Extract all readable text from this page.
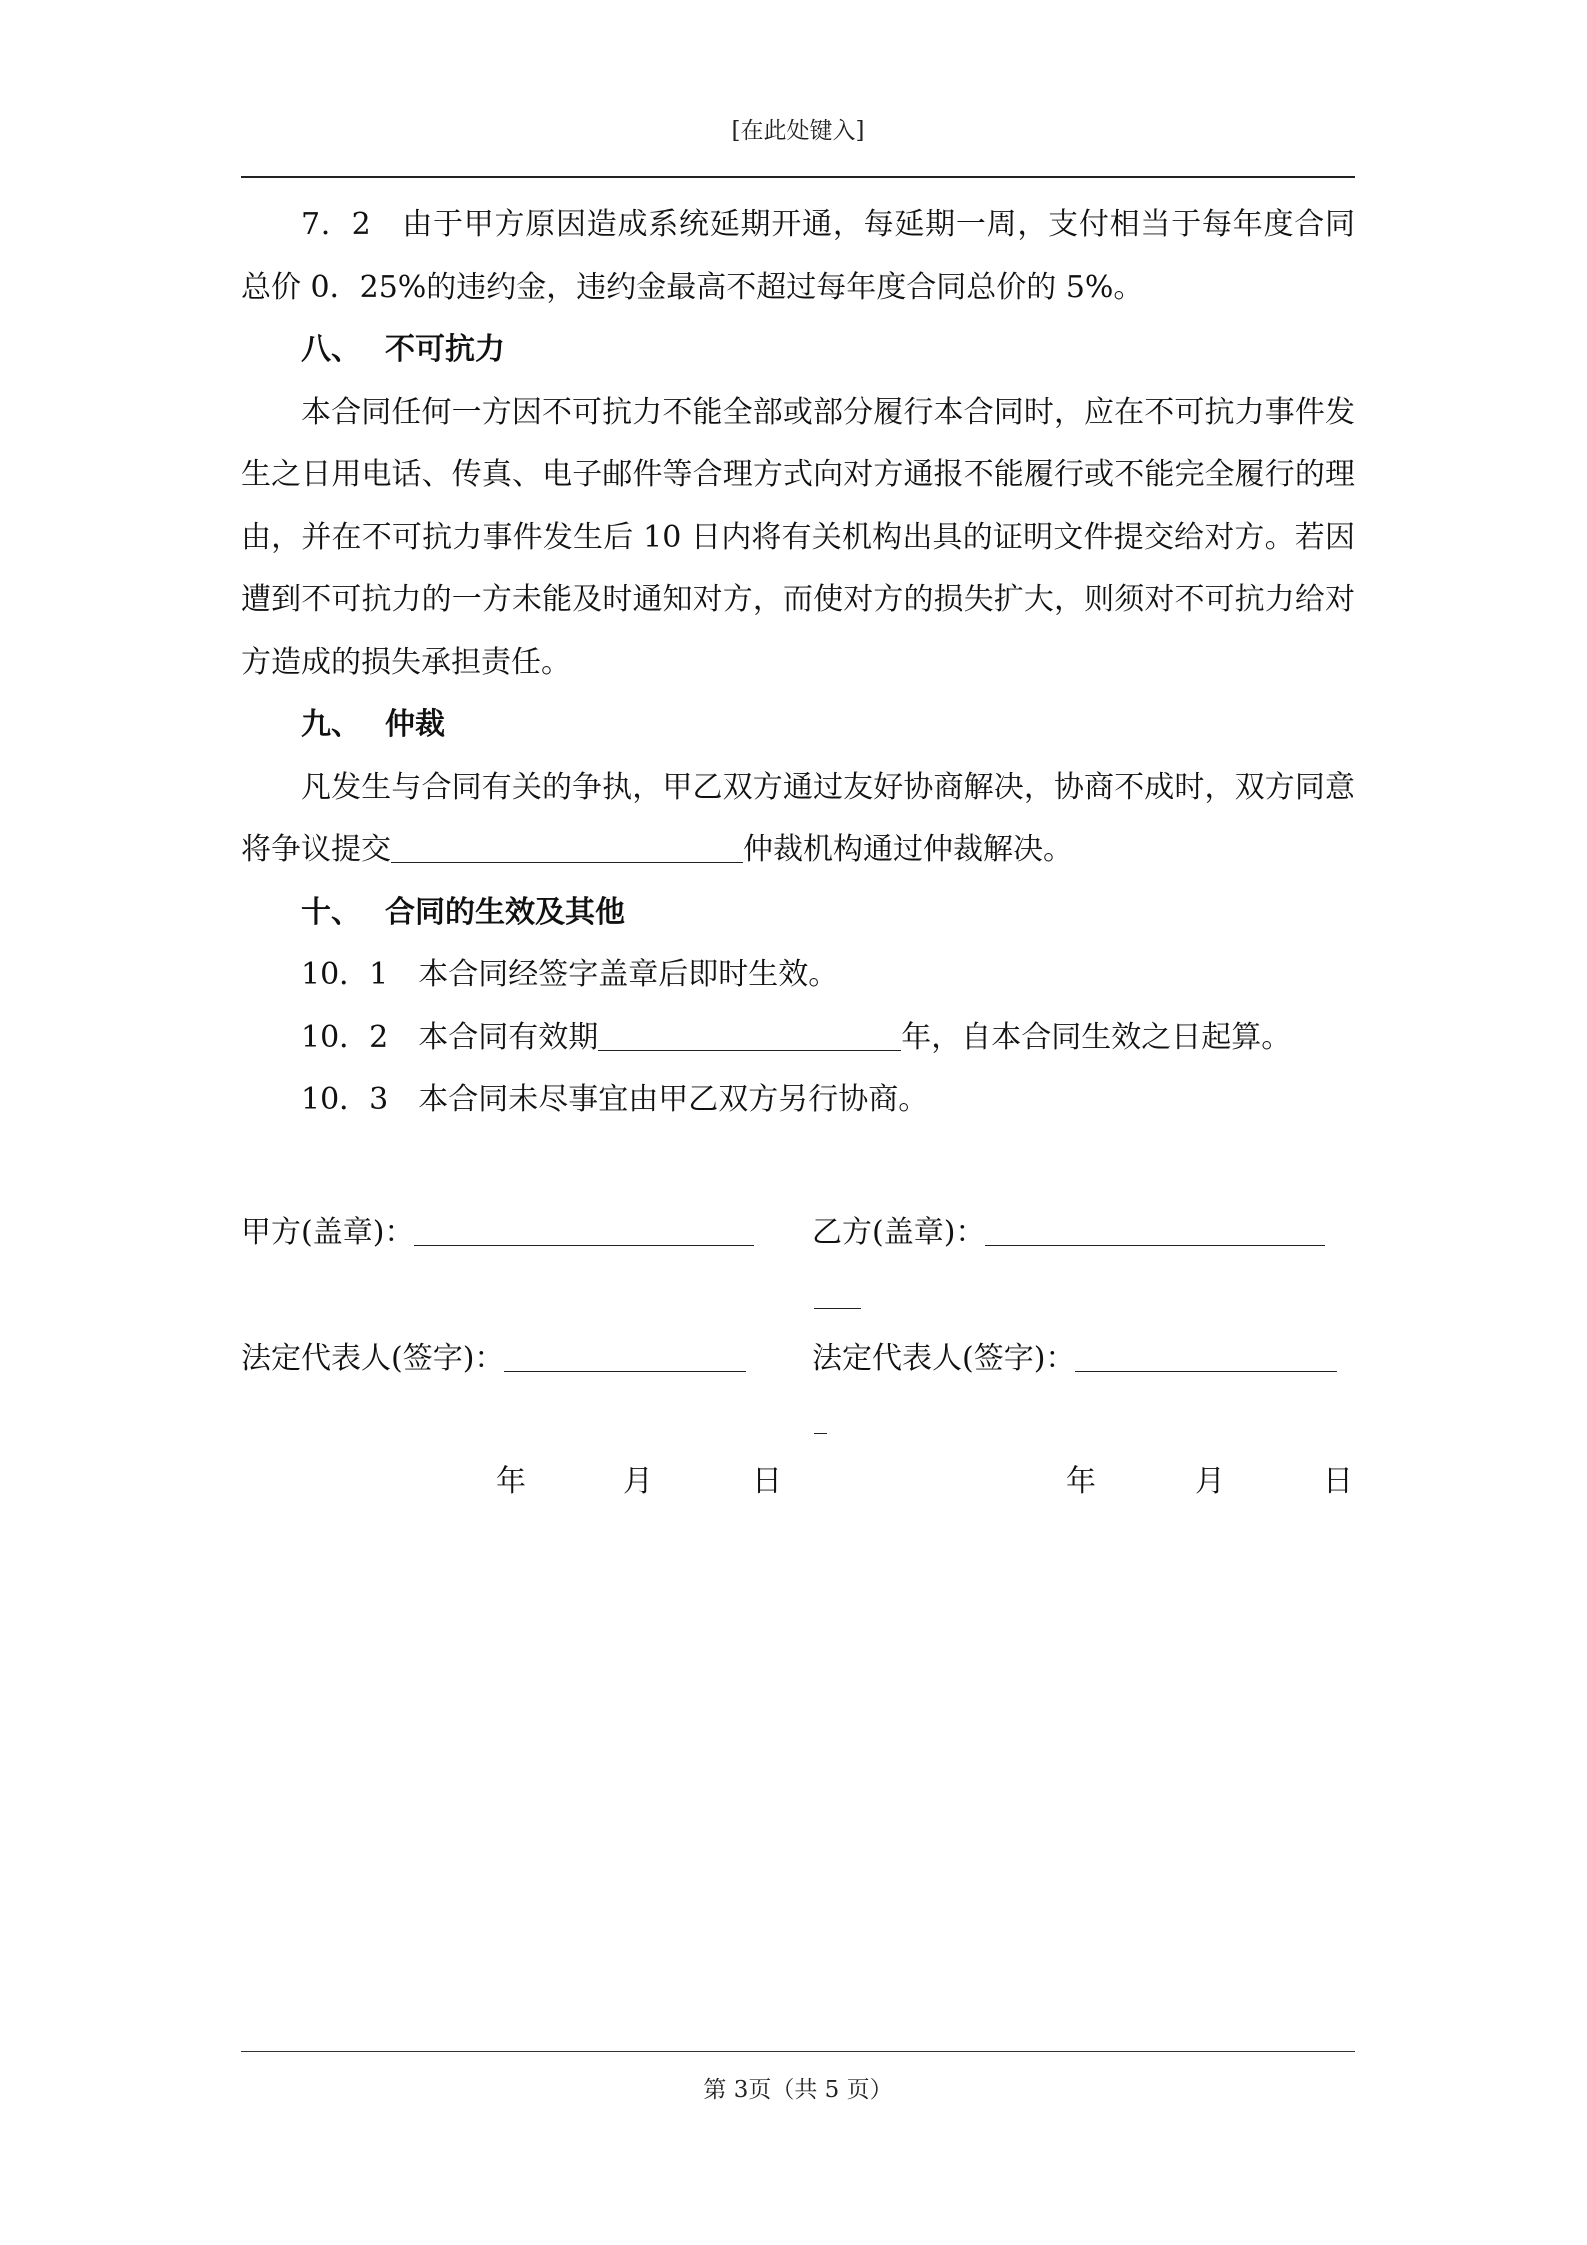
[在此处键入]

7．2　由于甲方原因造成系统延期开通，每延期一周，支付相当于每年度合同总价 0．25%的违约金，违约金最高不超过每年度合同总价的 5%。

八、 不可抗力

本合同任何一方因不可抗力不能全部或部分履行本合同时，应在不可抗力事件发生之日用电话、传真、电子邮件等合理方式向对方通报不能履行或不能完全履行的理由，并在不可抗力事件发生后 10 日内将有关机构出具的证明文件提交给对方。若因遭到不可抗力的一方未能及时通知对方，而使对方的损失扩大，则须对不可抗力给对方造成的损失承担责任。

九、 仲裁

凡发生与合同有关的争执，甲乙双方通过友好协商解决，协商不成时，双方同意将争议提交	仲裁机构通过仲裁解决。

十、 合同的生效及其他

10．1　本合同经签字盖章后即时生效。

10．2　本合同有效期	年，自本合同生效之日起算。

10．3　本合同未尽事宜由甲乙双方另行协商。

甲方(盖章)：	乙方(盖章)：
法定代表人(签字)：	法定代表人(签字)：
年	月	日	年	月	日
第 3页（共 5 页）
